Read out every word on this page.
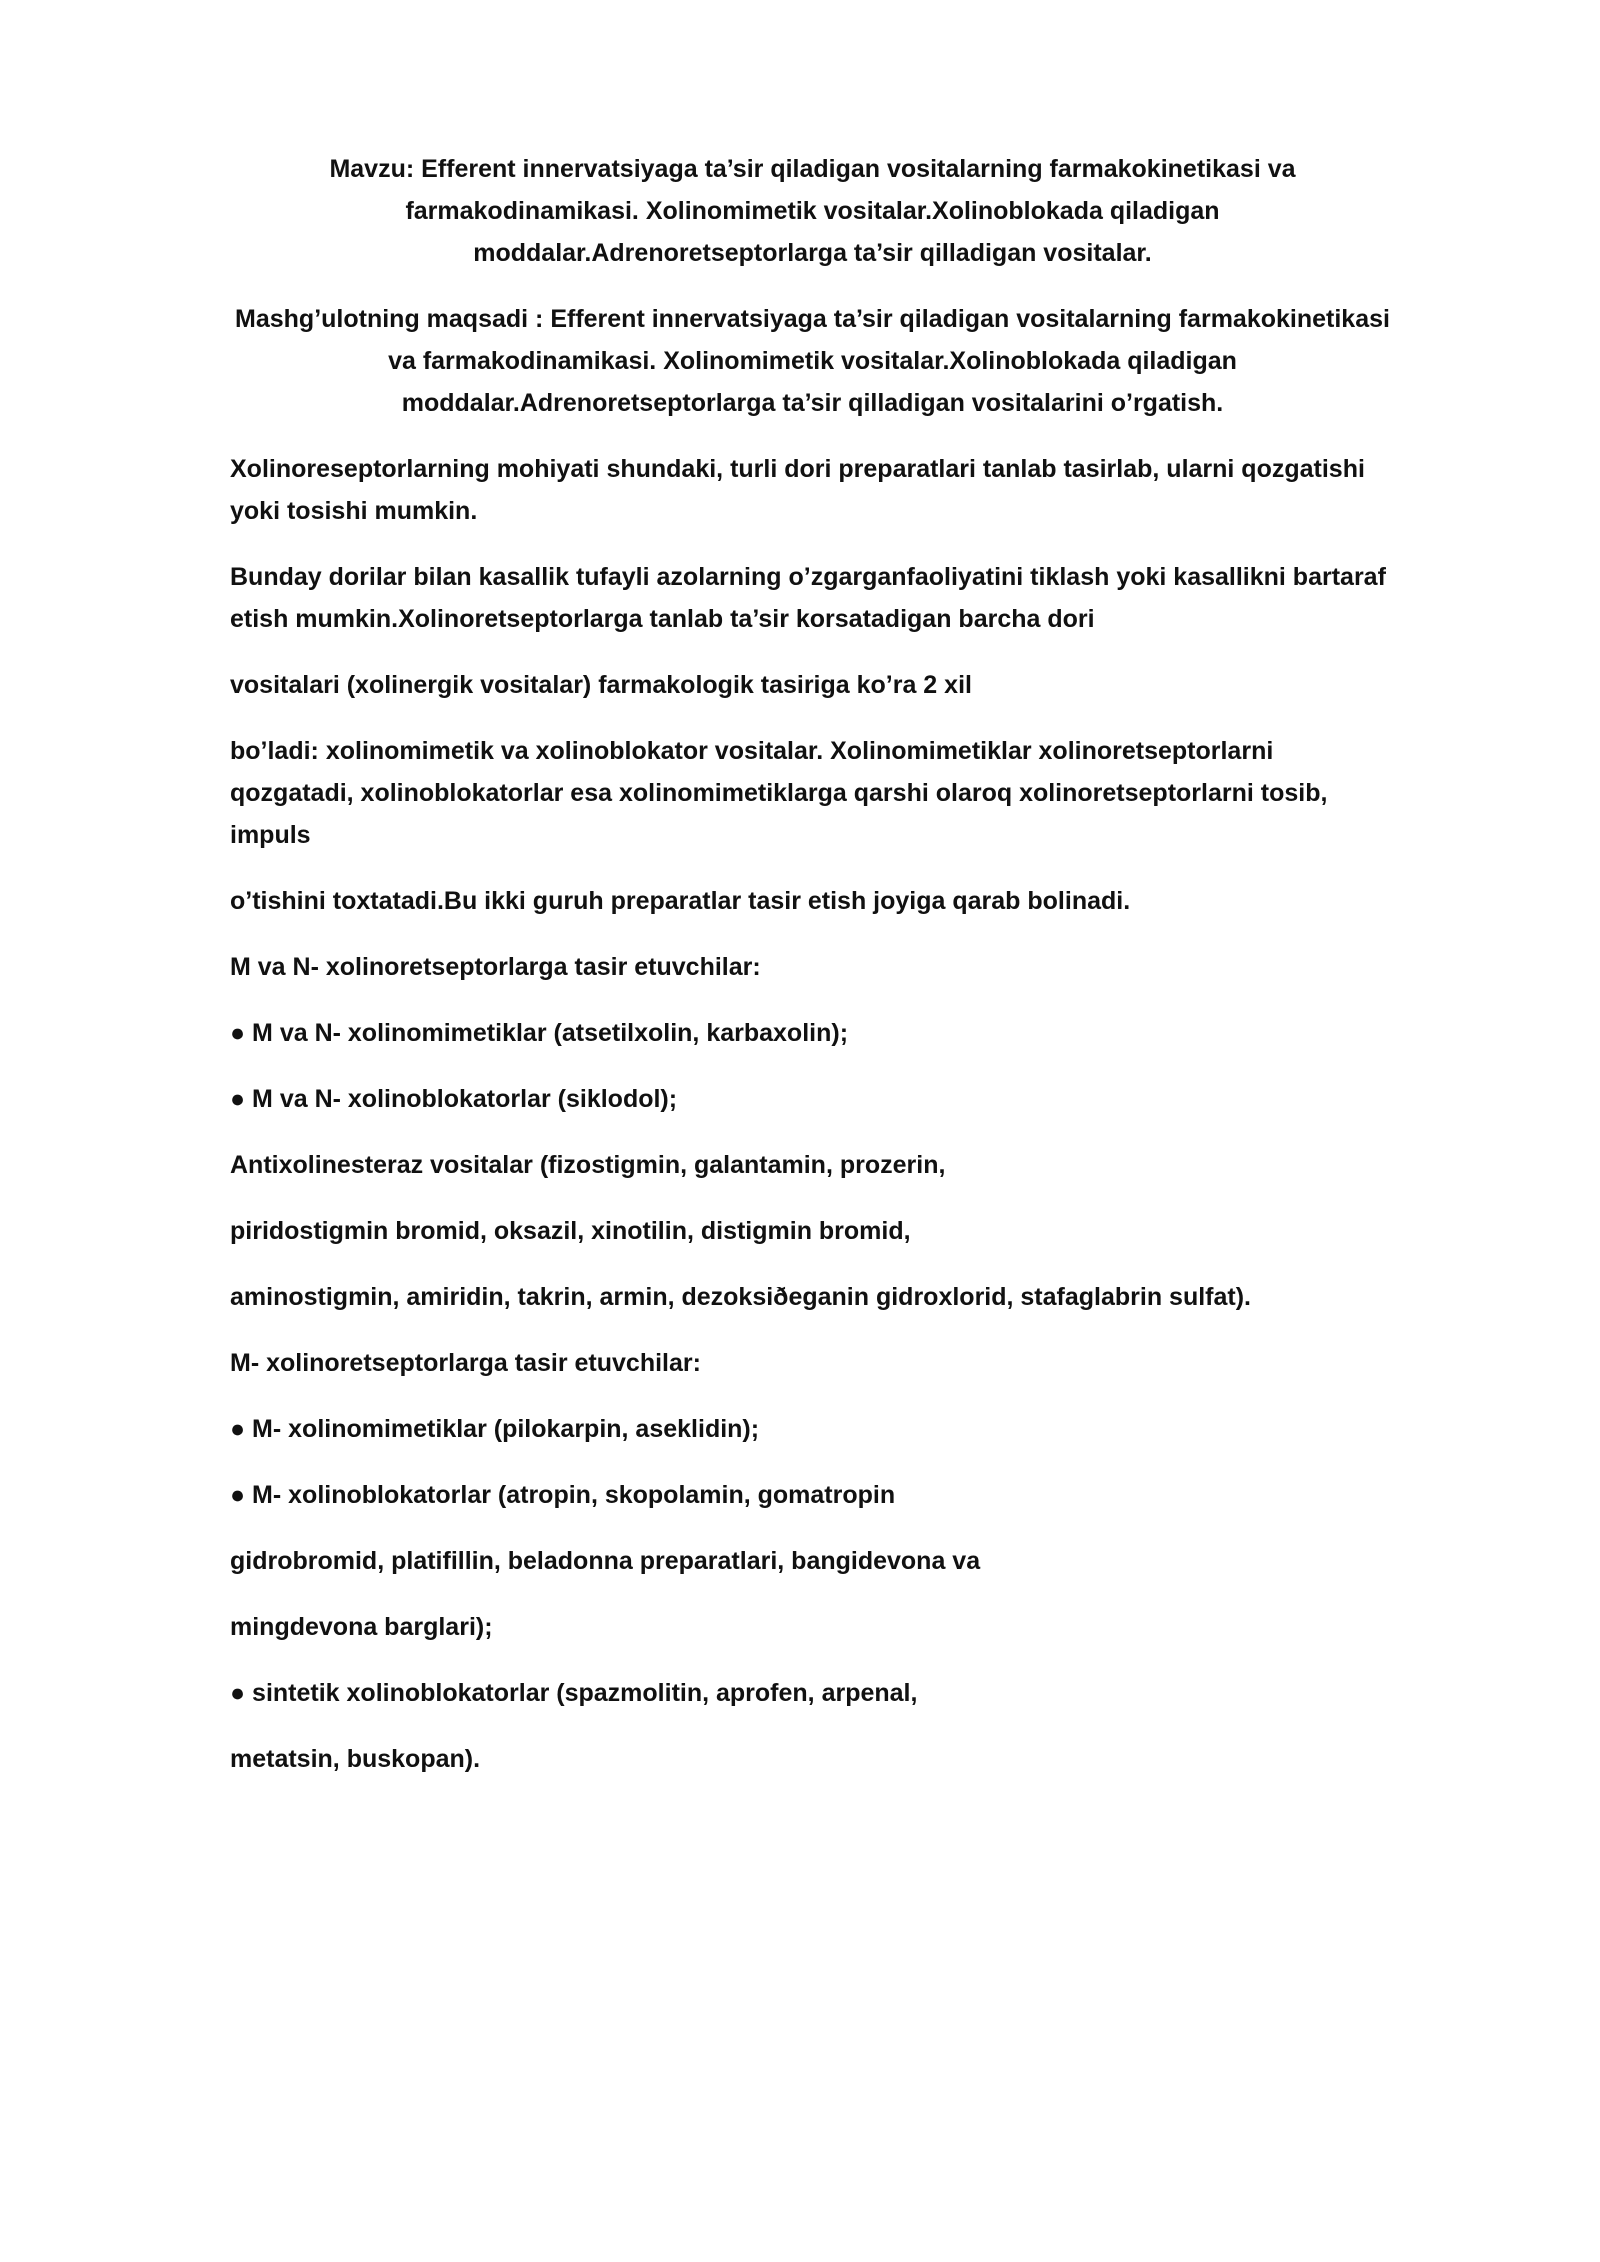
Mavzu: Efferent innervatsiyaga ta’sir qiladigan vositalarning farmakokinetikasi va farmakodinamikasi. Xolinomimetik vositalar.Xolinoblokada qiladigan moddalar.Adrenoretseptorlarga ta’sir qilladigan vositalar.

Mashg’ulotning maqsadi : Efferent innervatsiyaga ta’sir qiladigan vositalarning farmakokinetikasi va farmakodinamikasi. Xolinomimetik vositalar.Xolinoblokada qiladigan moddalar.Adrenoretseptorlarga ta’sir qilladigan vositalarini o’rgatish.

Xolinoreseptorlarning mohiyati shundaki, turli dori preparatlari tanlab tasirlab, ularni qozgatishi yoki tosishi mumkin.

Bunday dorilar bilan kasallik tufayli azolarning o’zgarganfaoliyatini tiklash yoki kasallikni bartaraf etish mumkin.Xolinoretseptorlarga tanlab ta’sir korsatadigan barcha dori

vositalari (xolinergik vositalar) farmakologik tasiriga ko’ra 2 xil

bo’ladi: xolinomimetik va xolinoblokator vositalar. Xolinomimetiklar xolinoretseptorlarni qozgatadi, xolinoblokatorlar esa xolinomimetiklarga qarshi olaroq xolinoretseptorlarni tosib, impuls

o’tishini toxtatadi.Bu ikki guruh preparatlar tasir etish joyiga qarab bolinadi.

M va N- xolinoretseptorlarga tasir etuvchilar:

● M va N- xolinomimetiklar (atsetilxolin, karbaxolin);

● M va N- xolinoblokatorlar (siklodol);

Antixolinesteraz vositalar (fizostigmin, galantamin, prozerin,

piridostigmin bromid, oksazil, xinotilin, distigmin bromid,

aminostigmin, amiridin, takrin, armin, dezoksiðeganin gidroxlorid, stafaglabrin sulfat).

M- xolinoretseptorlarga tasir etuvchilar:

● M- xolinomimetiklar (pilokarpin, aseklidin);

● M- xolinoblokatorlar (atropin, skopolamin, gomatropin

gidrobromid, platifillin, beladonna preparatlari, bangidevona va

mingdevona barglari);

● sintetik xolinoblokatorlar (spazmolitin, aprofen, arpenal,

metatsin, buskopan).
